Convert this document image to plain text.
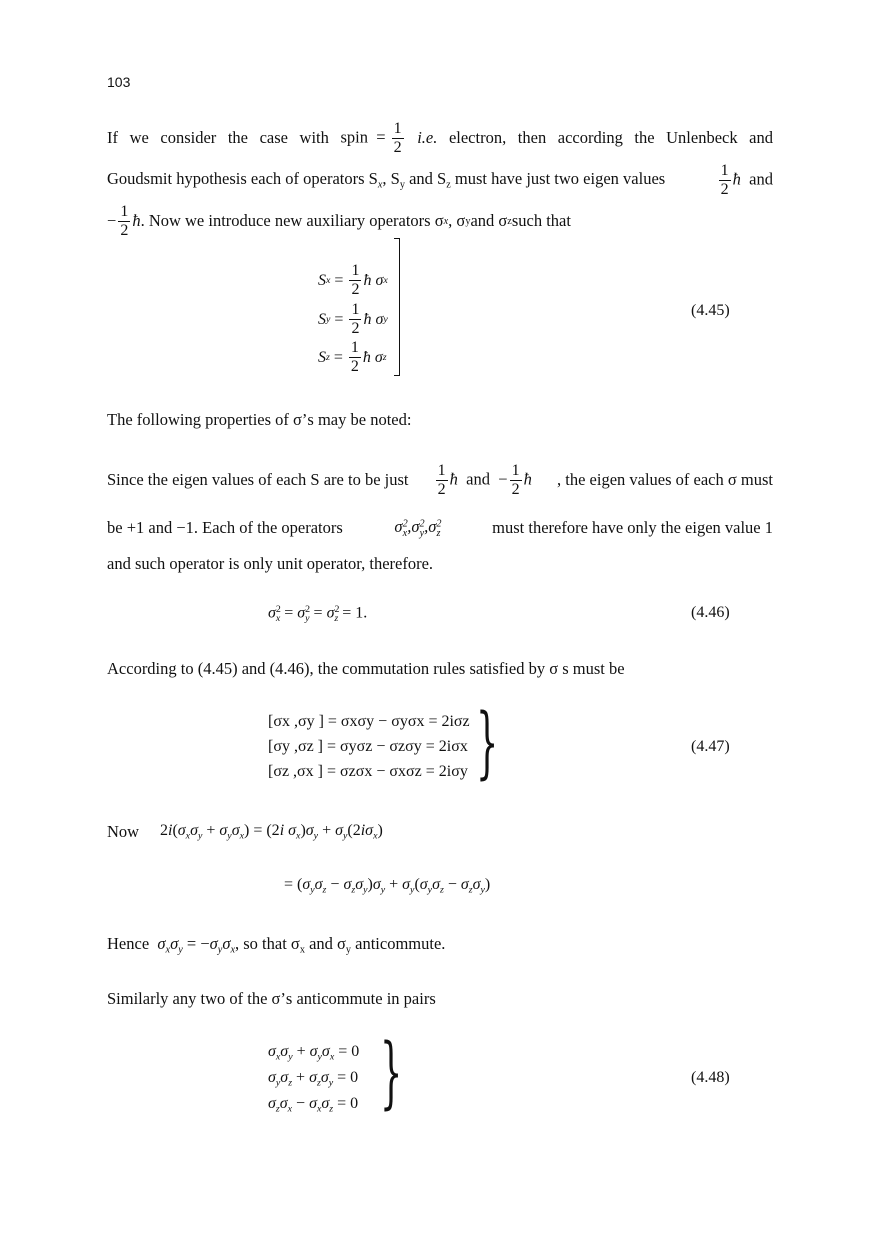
103
If we consider the case with spin = $\frac{1}{2} i.e$. electron, then according the Unlenbeck and
Goudsmit hypothesis each of operators $S_x$, $S_y$ and $S_z$ must have just two eigen values	$\frac{1}{2}$ ħ and
− $\frac{1}{2}$ ħ . Now we introduce new auxiliary operators σ x , σ y and σ z such that
S x
=
$\frac{1}{2}$ ħ
σ x
S y
=
$\frac{1}{2}$ ħ
σ y
S z
=
$\frac{1}{2}$ ħ
σ z
(4.45)
The following properties of σ’s may be noted:
Since the eigen values of each S are to be just $\frac{1}{2}$ ħ and − $\frac{1}{2}$ ħ , the eigen values of each σ must
be +1 and −1. Each of the operators	$\sigma^2_x,\sigma^2_y,\sigma^2_z$	must therefore have only the eigen value 1
and such operator is only unit operator, therefore.
$\sigma^2_x = \sigma^2_y = \sigma^2_z = 1$.	(4.46)
According to (4.45) and (4.46), the commutation rules satisfied by σ s must be
[σx ,σy ] = σxσy − σyσx = 2iσz
[σy ,σz ] = σyσz − σzσy = 2iσx
[σz ,σx ] = σzσx − σxσz = 2iσy }	(4.47)
Now $2i(\sigma_x\sigma_y + \sigma_y\sigma_x) = (2i$ $\sigma_x)\sigma_y + \sigma_y(2i\sigma_x)$
= $(\sigma_y\sigma_z - \sigma_z\sigma_y)\sigma_y + \sigma_y(\sigma_y\sigma_z - \sigma_z\sigma_y)$
Hence $\sigma_x\sigma_y = -\sigma_y\sigma_x$, so that $\sigma_x$ and $\sigma_y$ anticommute.
Similarly any two of the σ’s anticommute in pairs
$\sigma_x\sigma_y + \sigma_y\sigma_x = 0$
$\sigma_y\sigma_z + \sigma_z\sigma_y = 0$
$\sigma_z\sigma_x - \sigma_x\sigma_z = 0$ }	(4.48)
